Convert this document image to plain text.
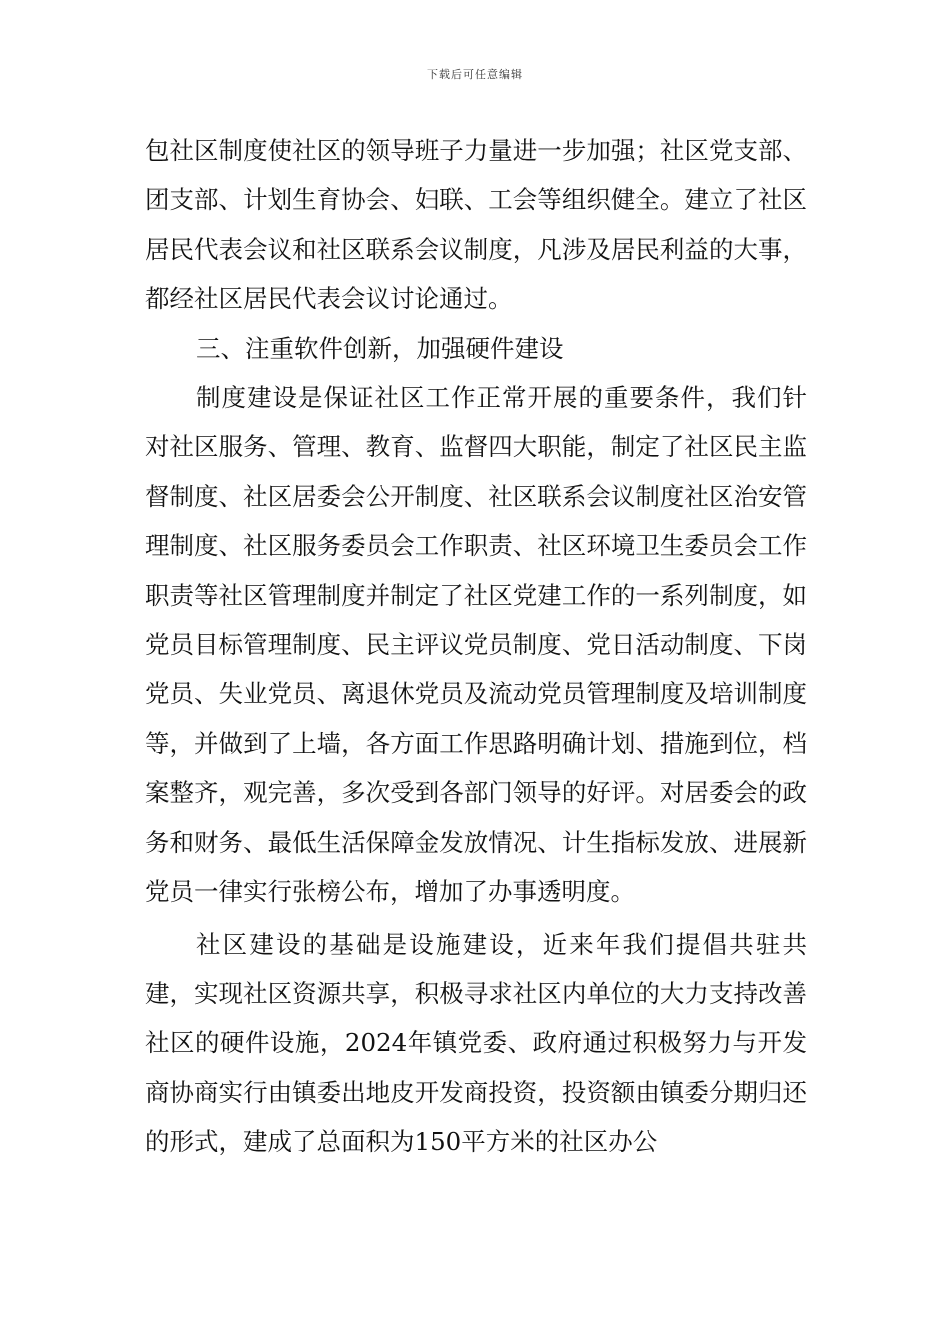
下载后可任意编辑

包社区制度使社区的领导班子力量进一步加强；社区党支部、团支部、计划生育协会、妇联、工会等组织健全。建立了社区居民代表会议和社区联系会议制度，凡涉及居民利益的大事，都经社区居民代表会议讨论通过。

三、注重软件创新，加强硬件建设

制度建设是保证社区工作正常开展的重要条件，我们针对社区服务、管理、教育、监督四大职能，制定了社区民主监督制度、社区居委会公开制度、社区联系会议制度社区治安管理制度、社区服务委员会工作职责、社区环境卫生委员会工作职责等社区管理制度并制定了社区党建工作的一系列制度，如党员目标管理制度、民主评议党员制度、党日活动制度、下岗党员、失业党员、离退休党员及流动党员管理制度及培训制度等，并做到了上墙，各方面工作思路明确计划、措施到位，档案整齐，观完善，多次受到各部门领导的好评。对居委会的政务和财务、最低生活保障金发放情况、计生指标发放、进展新党员一律实行张榜公布，增加了办事透明度。

社区建设的基础是设施建设，近来年我们提倡共驻共建，实现社区资源共享，积极寻求社区内单位的大力支持改善社区的硬件设施，2024年镇党委、政府通过积极努力与开发商协商实行由镇委出地皮开发商投资，投资额由镇委分期归还的形式，建成了总面积为150平方米的社区办公
